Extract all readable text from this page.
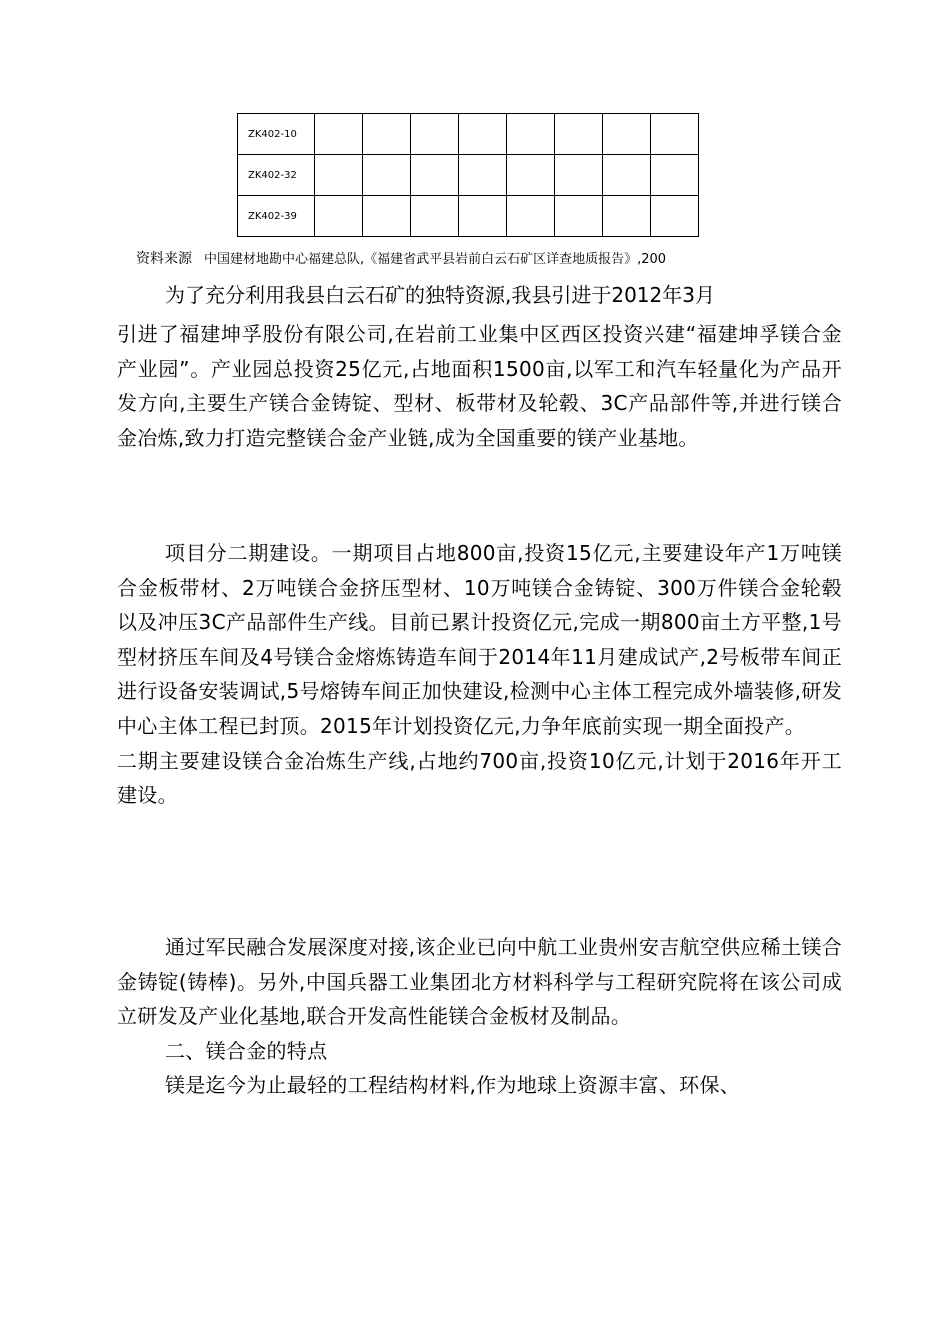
ZK402-10								
ZK402-32								
ZK402-39								
资料来源 中国建材地勘中心福建总队,《福建省武平县岩前白云石矿区详查地质报告》,200
为了充分利用我县白云石矿的独特资源,我县引进于2012年3月

引进了福建坤孚股份有限公司,在岩前工业集中区西区投资兴建“福建坤孚镁合金产业园”。产业园总投资25亿元,占地面积1500亩,以军工和汽车轻量化为产品开发方向,主要生产镁合金铸锭、型材、板带材及轮毂、3C产品部件等,并进行镁合金冶炼,致力打造完整镁合金产业链,成为全国重要的镁产业基地。

项目分二期建设。一期项目占地800亩,投资15亿元,主要建设年产1万吨镁合金板带材、2万吨镁合金挤压型材、10万吨镁合金铸锭、300万件镁合金轮毂以及冲压3C产品部件生产线。目前已累计投资亿元,完成一期800亩土方平整,1号型材挤压车间及4号镁合金熔炼铸造车间于2014年11月建成试产,2号板带车间正进行设备安装调试,5号熔铸车间正加快建设,检测中心主体工程完成外墙装修,研发中心主体工程已封顶。2015年计划投资亿元,力争年底前实现一期全面投产。

二期主要建设镁合金冶炼生产线,占地约700亩,投资10亿元,计划于2016年开工建设。

通过军民融合发展深度对接,该企业已向中航工业贵州安吉航空供应稀土镁合金铸锭(铸棒)。另外,中国兵器工业集团北方材料科学与工程研究院将在该公司成立研发及产业化基地,联合开发高性能镁合金板材及制品。

二、镁合金的特点

镁是迄今为止最轻的工程结构材料,作为地球上资源丰富、环保、
